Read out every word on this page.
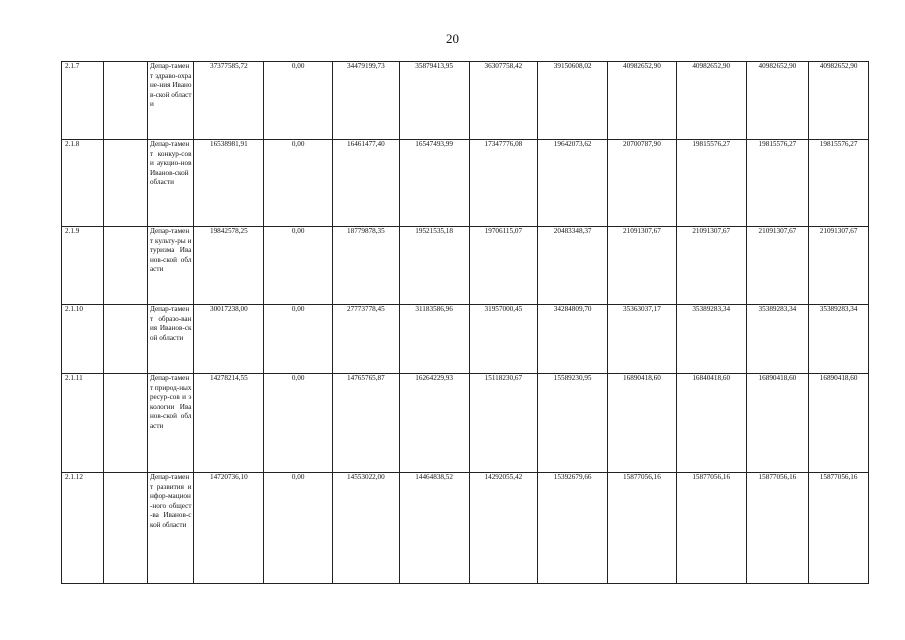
20
2.1.7		Депар-тамент здраво-охране-ния Иванов-ской области	37377585,72	0,00	34479199,73	35879413,95	36307758,42	39150608,02	40982652,90	40982652,90	40982652,90	40982652,90
2.1.8		Депар-тамент конкур-сов и аукцио-нов Иванов-ской области	16538981,91	0,00	16461477,40	16547493,99	17347776,08	19642073,62	20700787,90	19815576,27	19815576,27	19815576,27
2.1.9		Депар-тамент культу-ры и туризма Иванов-ской области	19842578,25	0,00	18779878,35	19521535,18	19706115,07	20483348,37	21091307,67	21091307,67	21091307,67	21091307,67
2.1.10		Депар-тамент образо-вания Иванов-ской области	30017238,00	0,00	27773778,45	31183586,96	31957000,45	34284809,70	35363037,17	35389283,34	35389283,34	35389283,34
2.1.11		Депар-тамент природ-ных ресур-сов и экологии Иванов-ской области	14278214,55	0,00	14765765,87	16264229,93	15118230,67	15589230,95	16890418,60	16840418,60	16890418,60	16890418,60
2.1.12		Депар-тамент развития инфор-мацион-ного общест-ва Иванов-ской области	14720736,10	0,00	14553022,00	14464838,52	14292055,42	15392679,66	15877056,16	15877056,16	15877056,16	15877056,16
